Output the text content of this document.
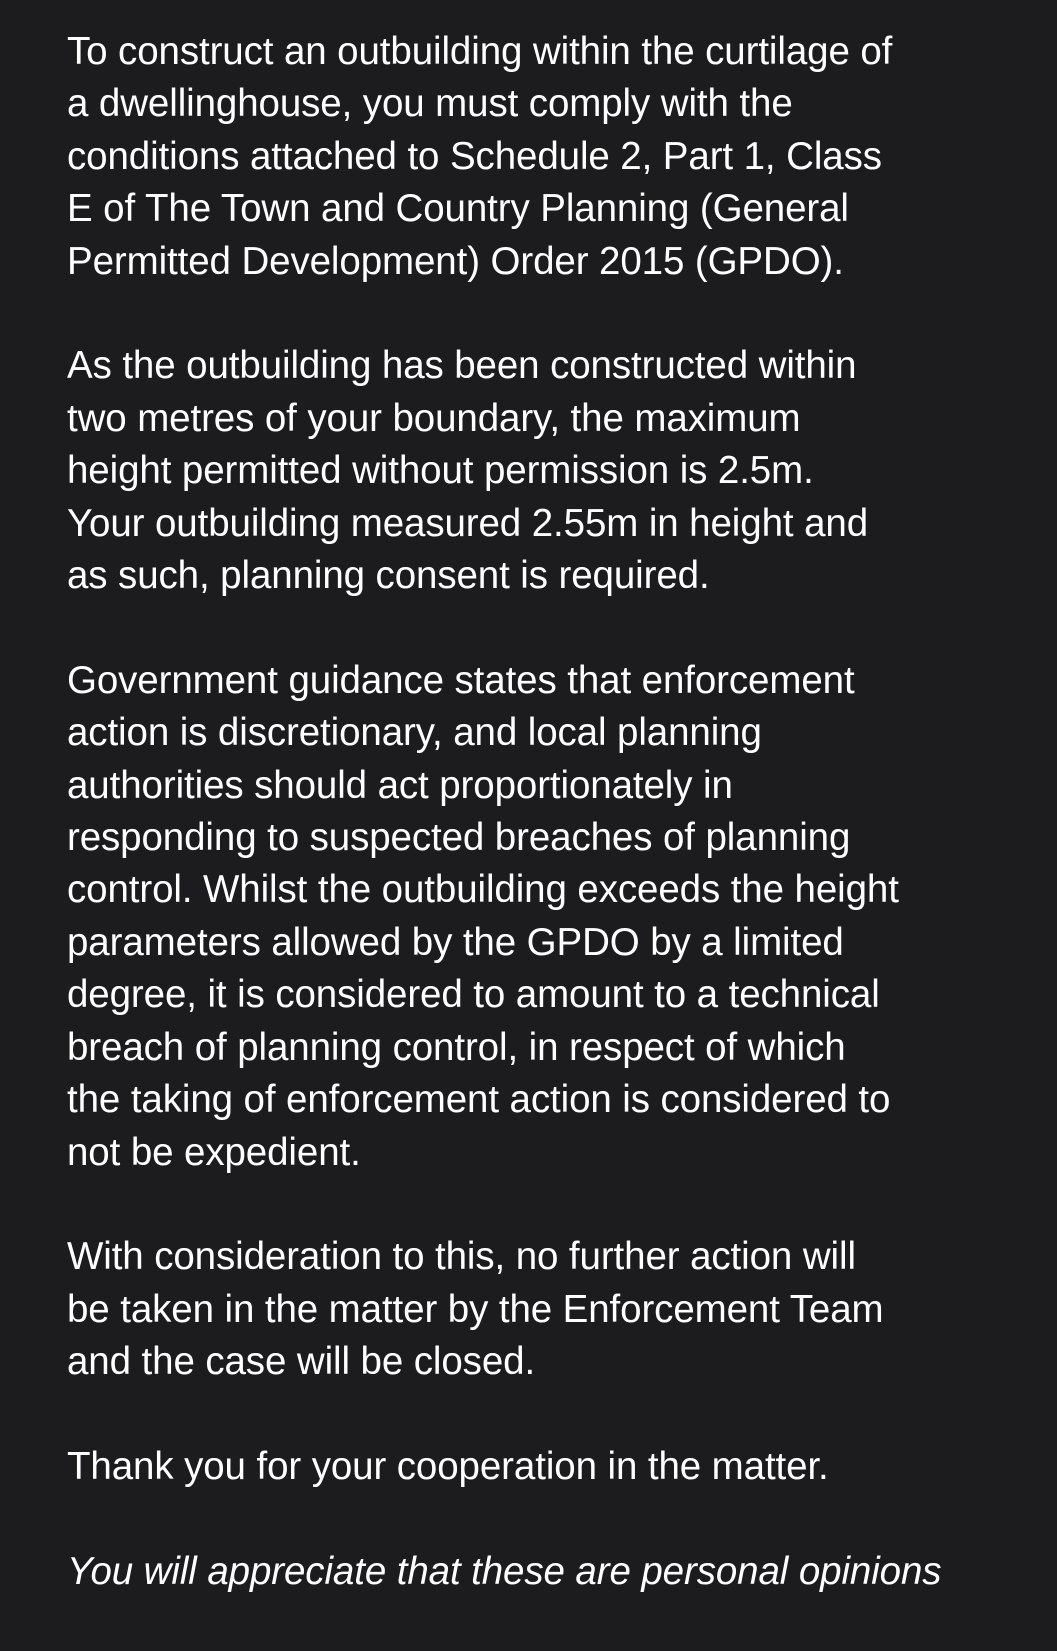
To construct an outbuilding within the curtilage of
a dwellinghouse, you must comply with the
conditions attached to Schedule 2, Part 1, Class
E of The Town and Country Planning (General
Permitted Development) Order 2015 (GPDO).

As the outbuilding has been constructed within
two metres of your boundary, the maximum
height permitted without permission is 2.5m.
Your outbuilding measured 2.55m in height and
as such, planning consent is required.

Government guidance states that enforcement
action is discretionary, and local planning
authorities should act proportionately in
responding to suspected breaches of planning
control. Whilst the outbuilding exceeds the height
parameters allowed by the GPDO by a limited
degree, it is considered to amount to a technical
breach of planning control, in respect of which
the taking of enforcement action is considered to
not be expedient.

With consideration to this, no further action will
be taken in the matter by the Enforcement Team
and the case will be closed.

Thank you for your cooperation in the matter.

You will appreciate that these are personal opinions
